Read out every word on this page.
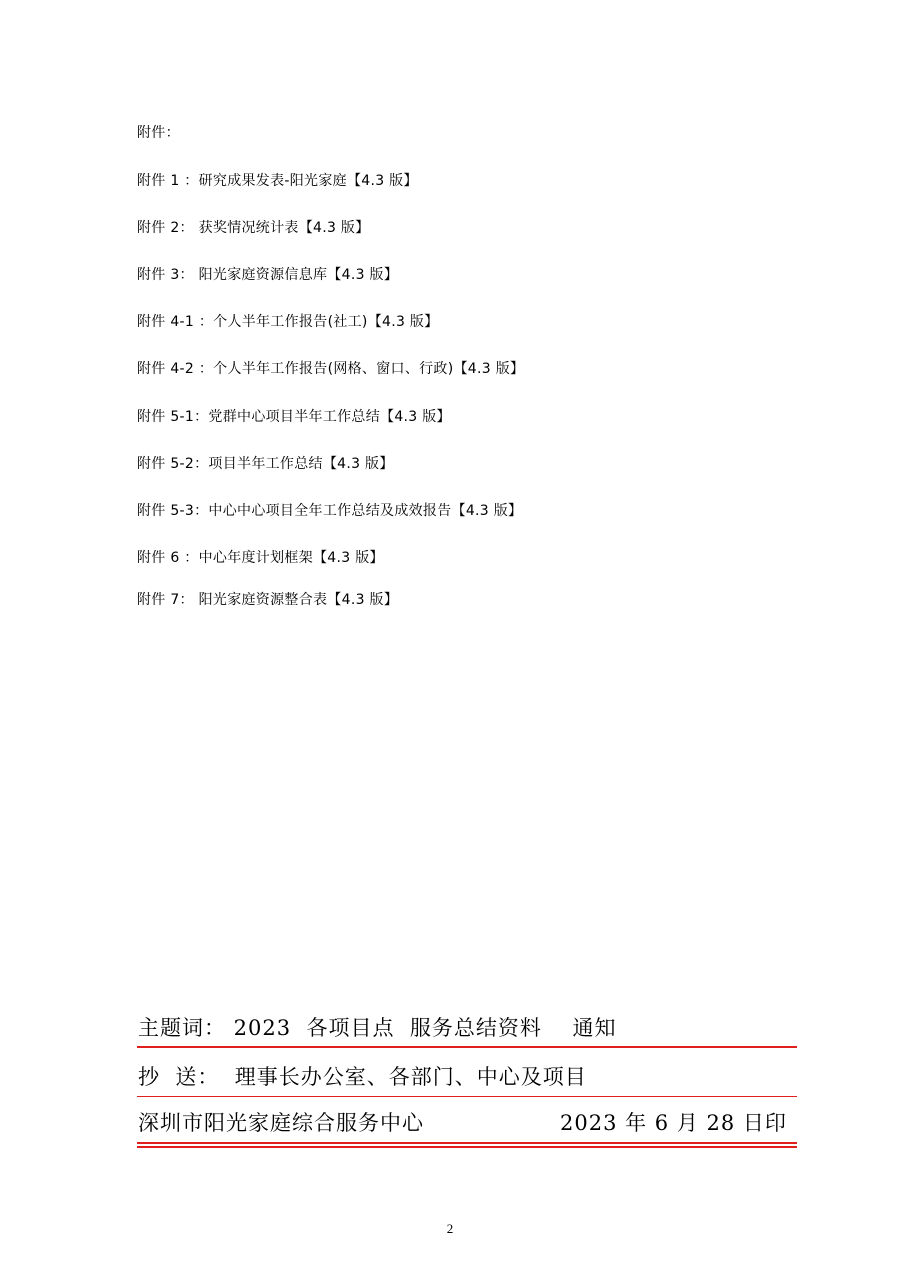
附件：
附件 1 ：研究成果发表-阳光家庭【4.3 版】
附件 2： 获奖情况统计表【4.3 版】
附件 3： 阳光家庭资源信息库【4.3 版】
附件 4-1 ：个人半年工作报告(社工)【4.3 版】
附件 4-2 ：个人半年工作报告(网格、窗口、行政)【4.3 版】
附件 5-1：党群中心项目半年工作总结【4.3 版】
附件 5-2：项目半年工作总结【4.3 版】
附件 5-3：中心中心项目全年工作总结及成效报告【4.3 版】
附件 6 ：中心年度计划框架【4.3 版】
附件 7： 阳光家庭资源整合表【4.3 版】
主题词： 2023  各项目点  服务总结资料    通知
抄  送：  理事长办公室、各部门、中心及项目
深圳市阳光家庭综合服务中心	2023 年 6 月 28 日印
2
